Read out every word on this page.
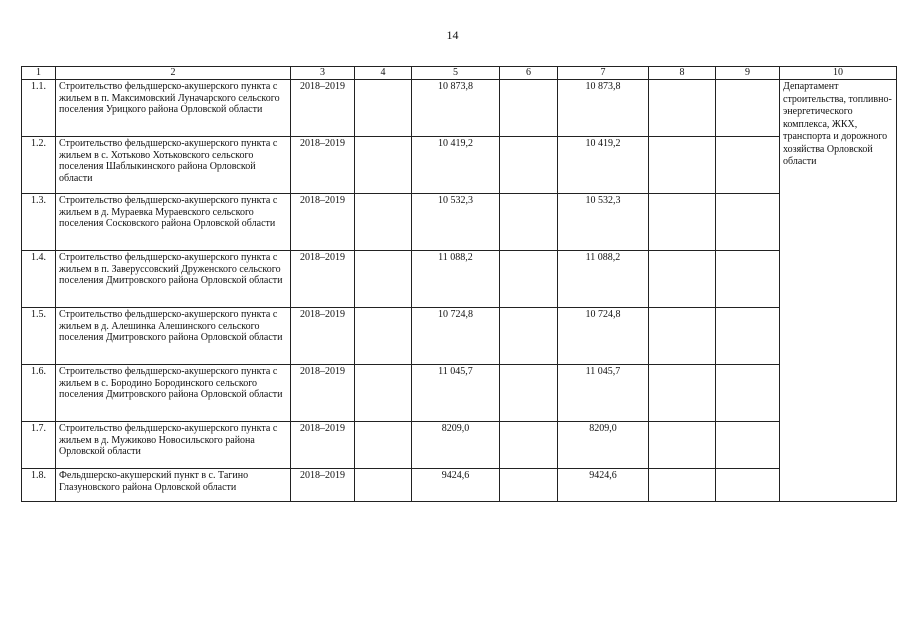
14
1	2	3	4	5	6	7	8	9	10
1.1.	Строительство фельдшерско-акушерского пункта с жильем в п. Максимовский Луначарского сельского поселения Урицкого района Орловской области	2018–2019		10 873,8		10 873,8			Департамент строительства, топливно-энергетического комплекса, ЖКХ, транспорта и дорожного хозяйства Орловской области
1.2.	Строительство фельдшерско-акушерского пункта с жильем в с. Хотьково Хотьковского сельского поселения Шаблыкинского района Орловской области	2018–2019		10 419,2		10 419,2			
1.3.	Строительство фельдшерско-акушерского пункта с жильем в д. Мураевка Мураевского сельского поселения Сосковского района Орловской области	2018–2019		10 532,3		10 532,3			
1.4.	Строительство фельдшерско-акушерского пункта с жильем в п. Заверуссовский Друженского сельского поселения Дмитровского района Орловской области	2018–2019		11 088,2		11 088,2			
1.5.	Строительство фельдшерско-акушерского пункта с жильем в д. Алешинка Алешинского сельского поселения Дмитровского района Орловской области	2018–2019		10 724,8		10 724,8			
1.6.	Строительство фельдшерско-акушерского пункта с жильем в с. Бородино Бородинского сельского поселения Дмитровского района Орловской области	2018–2019		11 045,7		11 045,7			
1.7.	Строительство фельдшерско-акушерского пункта с жильем в д. Мужиково Новосильского района Орловской области	2018–2019		8209,0		8209,0			
1.8.	Фельдшерско-акушерский пункт в с. Тагино Глазуновского района Орловской области	2018–2019		9424,6		9424,6			
